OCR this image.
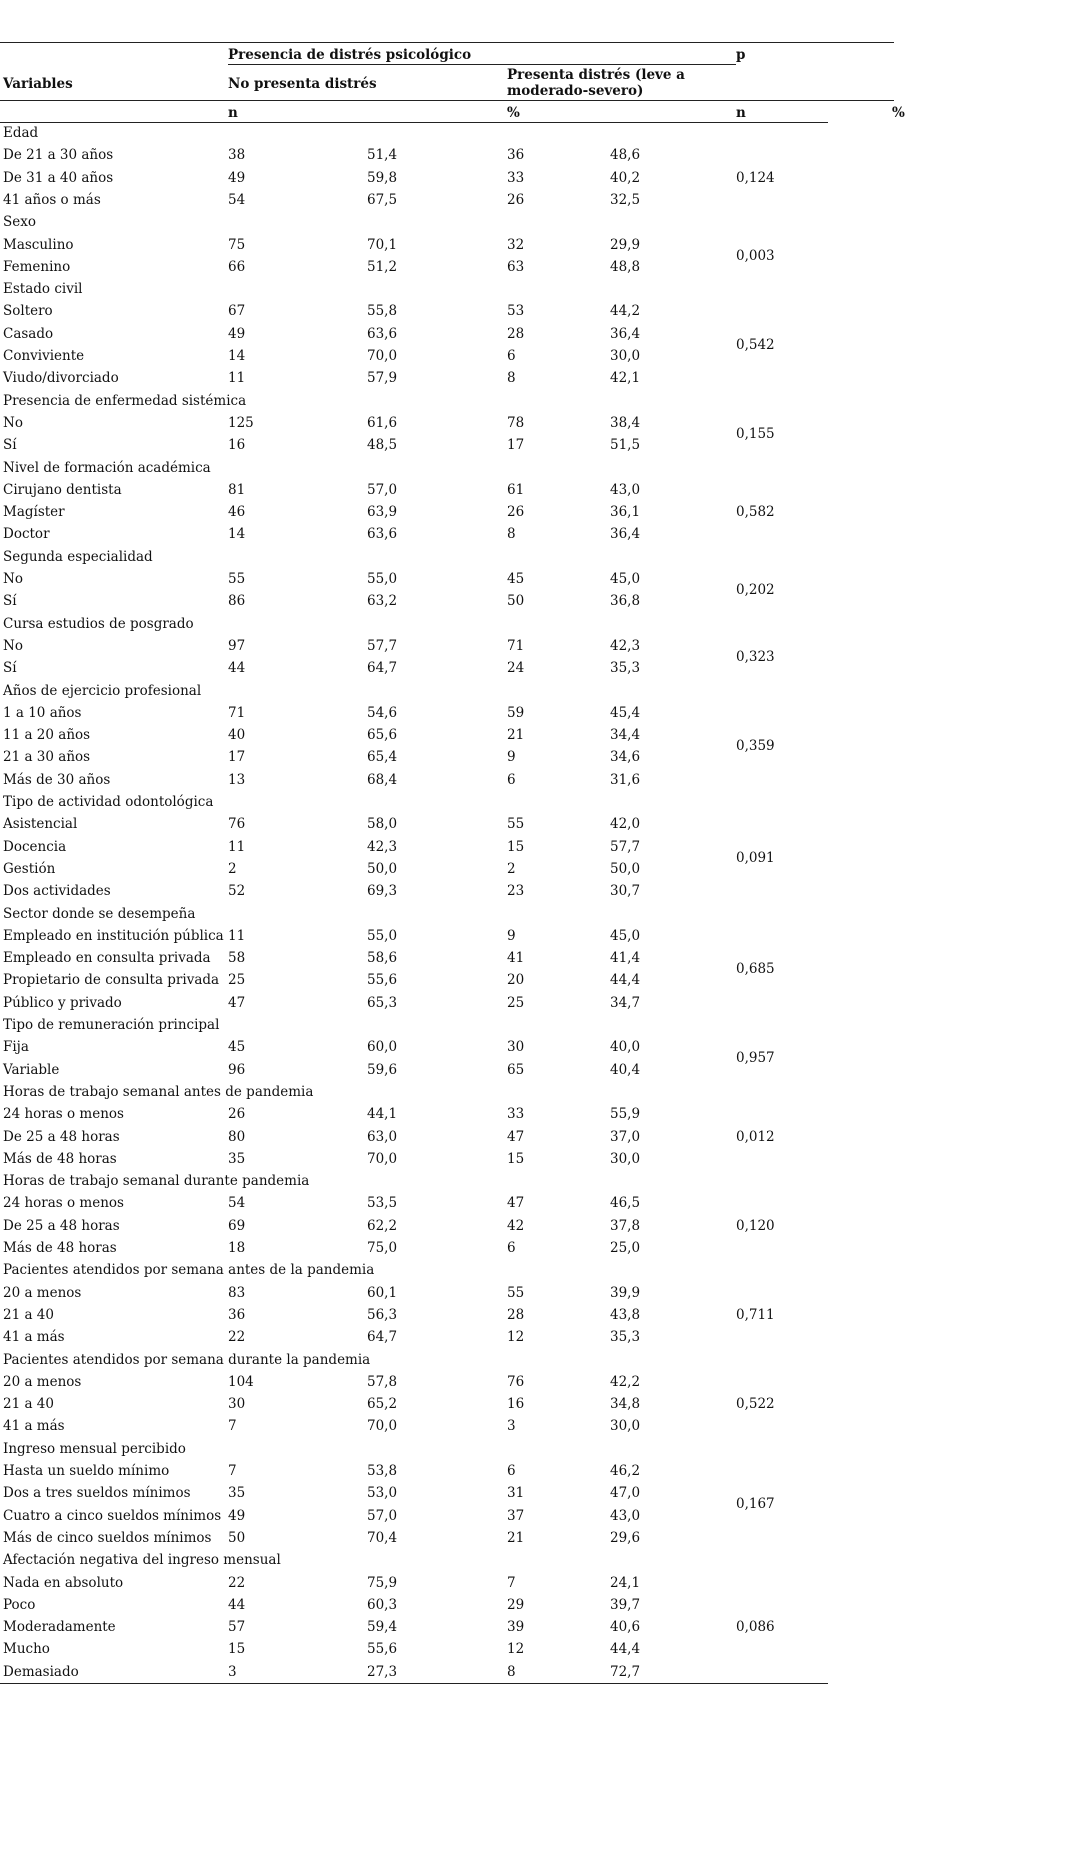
Variables
Presencia de distrés psicológico	p
No presenta distrés
Presenta distrés (leve a
moderado-severo)
n	%	n	%
Edad
De 21 a 30 años	38	51,4	36	48,6
De 31 a 40 años	49	59,8	33	40,2
41 años o más	54	67,5	26	32,5
0,124
Sexo
Masculino	75	70,1	32	29,9
Femenino	66	51,2	63	48,8
0,003
Estado civil
Soltero	67	55,8	53	44,2
Casado	49	63,6	28	36,4
Conviviente	14	70,0	6	30,0
Viudo/divorciado	11	57,9	8	42,1
0,542
Presencia de enfermedad sistémica
No	125	61,6	78	38,4
Sí	16	48,5	17	51,5
0,155
Nivel de formación académica
Cirujano dentista	81	57,0	61	43,0
Magíster	46	63,9	26	36,1
Doctor	14	63,6	8	36,4
0,582
Segunda especialidad
No	55	55,0	45	45,0
Sí	86	63,2	50	36,8
0,202
Cursa estudios de posgrado
No	97	57,7	71	42,3
Sí	44	64,7	24	35,3
0,323
Años de ejercicio profesional
1 a 10 años	71	54,6	59	45,4
11 a 20 años	40	65,6	21	34,4
21 a 30 años	17	65,4	9	34,6
Más de 30 años	13	68,4	6	31,6
0,359
Tipo de actividad odontológica
Asistencial	76	58,0	55	42,0
Docencia	11	42,3	15	57,7
Gestión	2	50,0	2	50,0
Dos actividades	52	69,3	23	30,7
0,091
Sector donde se desempeña
Empleado en institución pública 11	55,0	9	45,0
Empleado en consulta privada 58	58,6	41	41,4
Propietario de consulta privada 25	55,6	20	44,4
Público y privado	47	65,3	25	34,7
0,685
Tipo de remuneración principal
Fija	45	60,0	30	40,0
Variable	96	59,6	65	40,4
0,957
Horas de trabajo semanal antes de pandemia
24 horas o menos	26	44,1	33	55,9
De 25 a 48 horas	80	63,0	47	37,0
Más de 48 horas	35	70,0	15	30,0
0,012
Horas de trabajo semanal durante pandemia
24 horas o menos	54	53,5	47	46,5
De 25 a 48 horas	69	62,2	42	37,8
Más de 48 horas	18	75,0	6	25,0
0,120
Pacientes atendidos por semana antes de la pandemia
20 a menos	83	60,1	55	39,9
21 a 40	36	56,3	28	43,8
41 a más	22	64,7	12	35,3
0,711
Pacientes atendidos por semana durante la pandemia
20 a menos	104	57,8	76	42,2
21 a 40	30	65,2	16	34,8
41 a más	7	70,0	3	30,0
0,522
Ingreso mensual percibido
Hasta un sueldo mínimo	7	53,8	6	46,2
Dos a tres sueldos mínimos	35	53,0	31	47,0
Cuatro a cinco sueldos mínimos 49	57,0	37	43,0
Más de cinco sueldos mínimos 50	70,4	21	29,6
0,167
Afectación negativa del ingreso mensual
Nada en absoluto	22	75,9	7	24,1
Poco	44	60,3	29	39,7
Moderadamente	57	59,4	39	40,6
Mucho	15	55,6	12	44,4
Demasiado	3	27,3	8	72,7
0,086
